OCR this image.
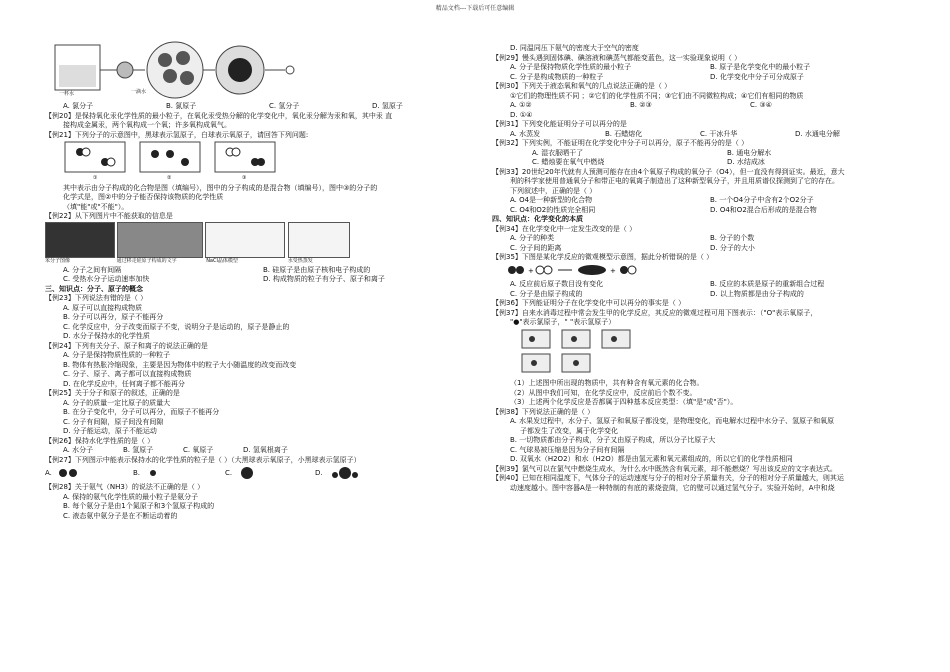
精品文档---下载后可任意编辑
一杯水	一滴水
A. 氯分子	B. 氯原子	C. 氢分子	D. 氢原子
【例20】是保持氧化汞化学性质的最小粒子，在氧化汞受热分解的化学变化中，氧化汞分解为汞和氧，其中汞 直
接构成金属汞，两个氧构成一个氧；许多氧构成氧气。
【例21】下列分子的示意图中，黑球表示氢原子，白球表示氧原子，请回答下列问题:
①	②	③
其中表示由分子构成的化合物是图（填编号），图中的分子构成的是混合物（填编号），图中③的分子的
化学式是，图②中的分子能否保持该物质的化学性质
（填"能"或"不能"）。
【例22】从下列图片中不能获取的信息是

苯分子图像	通过移走硅原子构成的文字	NaCl晶体模型	水受热蒸发
A. 分子之间有间隔	B. 硅原子是由原子核和电子构成的
C. 受热水分子运动速率加快	D. 构成物质的粒子有分子、原子和离子
三、知识点：分子、原子的概念
【例23】下列说法有错的是（ ）
A. 原子可以直接构成物质
B. 分子可以再分，原子不能再分
C. 化学反应中，分子改变而原子不变，说明分子是运动的，原子是静止的
D. 水分子保持水的化学性质
【例24】下列有关分子、原子和离子的说法正确的是
A. 分子是保持物质性质的一种粒子
B. 物体有热胀冷缩现象，主要是因为物体中的粒子大小随温度的改变而改变
C. 分子、原子、离子都可以直接构成物质
D. 在化学反应中，任何离子都不能再分
【例25】关于分子和原子的叙述，正确的是
A. 分子的质量一定比原子的质量大
B. 在分子变化中，分子可以再分，而原子不能再分
C. 分子有间隙，原子间没有间隙
D. 分子能运动，原子不能运动
【例26】保持水化学性质的是（ ）
A. 水分子	B. 氢原子	C. 氧原子	D. 氢氧根离子
【例27】下列图示中能表示保持水的化学性质的粒子是（ ）（大黑球表示氧原子，小黑球表示氢原子）
A.	B.	C.	D.
【例28】关于氨气（NH3）的说法不正确的是（ ）
A. 保持的氨气化学性质的最小粒子是氨分子
B. 每个氨分子是由1个氮原子和3个氢原子构成的
C. 液态氨中氨分子是在不断运动着的
D. 同温同压下氨气的密度大于空气的密度
【例29】慢头遇到固体碘、碘溶液和碘蒸气都能变蓝色，这一实验现象说明（ ）
A. 分子是保持物质化学性质的最小粒子	B. 原子是化学变化中的最小粒子
C. 分子是构成物质的一种粒子	D. 化学变化中分子可分成原子
【例30】下列关于液态氧和氧气的几点说法正确的是（ ）
①它们的物理性质不同 ；②它们的化学性质不同；③它们由不同微粒构成；④它们有相同的物质
A. ①②	B. ②③	C. ③④
D. ①④
【例31】下列变化能证明分子可以再分的是
A. 水蒸发	B. 石蜡熔化	C. 干冰升华	D. 水通电分解
【例32】下列实例，不能证明在化学变化中分子可以再分，原子不能再分的是（ ）
A. 湿衣服晒干了	B. 通电分解水
C. 蜡烛要在氧气中燃烧	D. 水结成冰
【例33】20世纪20年代就有人预测可能存在由4个氧原子构成的氧分子（O4），但一直没有得到证实。最近，意大
利的科学家使用普通氧分子和带正电的氧离子制造出了这种新型氧分子，并且用质谱仪探测到了它的存在。
下列叙述中，正确的是（ ）
A. O4是一种新型的化合物	B. 一个O4分子中含有2个O2分子
C. O4和O2的性质完全相同	D. O4和O2混合后形成的是混合物
四、知识点：化学变化的本质
【例34】在化学变化中一定发生改变的是（ ）
A. 分子的种类	B. 分子的个数
C. 分子间的距离	D. 分子的大小
【例35】下图是某化学反应的微观模型示意图，据此分析错误的是（ ）
+	+
A. 反应前后原子数目没有变化	B. 反应的本质是原子的重新组合过程
C. 分子是由原子构成的	D. 以上物质都是由分子构成的
【例36】下列能证明分子在化学变化中可以再分的事实是（ ）
【例37】自来水消毒过程中常会发生甲的化学反应，其反应的微观过程可用下图表示：（"O"表示氧原子，
"●"表示氯原子，" "表示氢原子）
（1）上述图中所出现的物质中，共有种含有氧元素的化合物。
（2）从图中我们可知，在化学反应中，反应前后个数不变。
（3）上述两个化学反应是否都属于四种基本反应类型：（填"是"或"否"）。
【例38】下列说法正确的是（ ）
A. 水果发过程中，水分子、氢原子和氧原子都没变，是物理变化，而电解水过程中水分子、氢原子和氧原
子都发生了改变，属于化学变化
B. 一切物质都由分子构成，分子又由原子构成，所以分子比原子大
C. 气球易被压缩是因为分子间有间隔
D. 双氧水（H2O2）和水（H2O）都是由氢元素和氧元素组成的，所以它们的化学性质相同
【例39】氯气可以在氯气中燃烧生成水，为什么水中既然含有氧元素，却不能燃烧？写出该反应的文字表达式。
【例40】已知在相同温度下，气体分子的运动速度与分子的相对分子质量有关，分子的相对分子质量越大，则其运
动速度越小。图中容器A是一种特制的有底的素烧瓷筒，它的壁可以通过氢气分子。实验开始时，A中和烧
